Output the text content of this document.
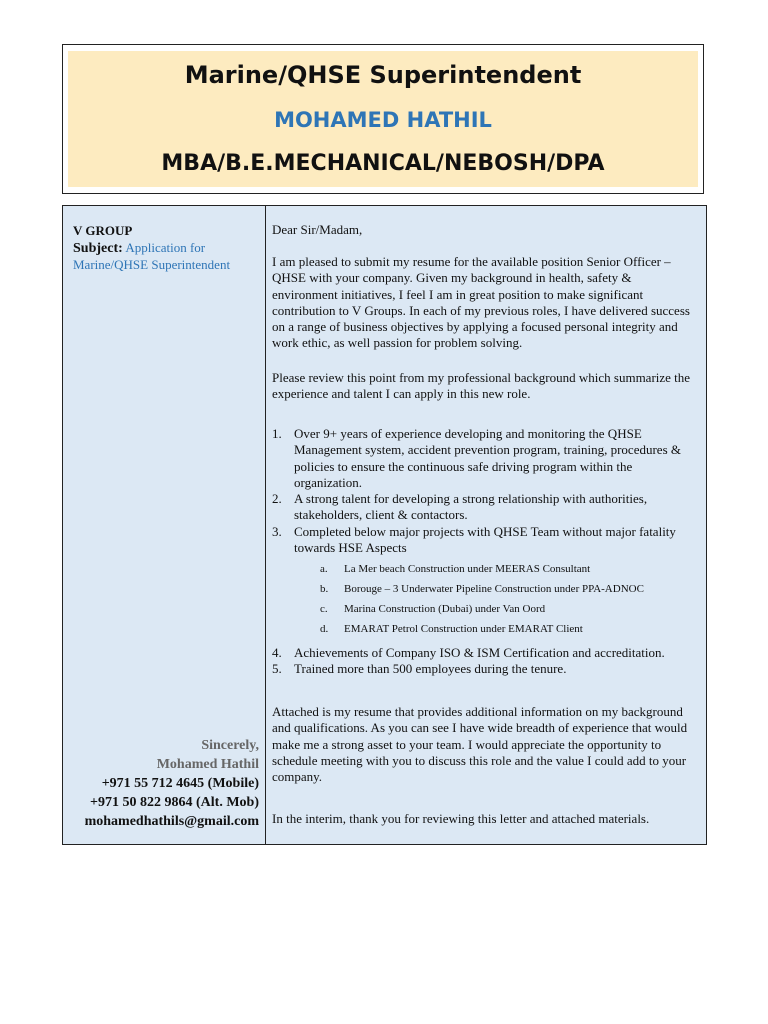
Marine/QHSE Superintendent
MOHAMED HATHIL
MBA/B.E.MECHANICAL/NEBOSH/DPA
V GROUP
Subject: Application for Marine/QHSE Superintendent
Sincerely,
Mohamed Hathil
+971 55 712 4645 (Mobile)
+971 50 822 9864 (Alt. Mob)
mohamedhathils@gmail.com

Dear Sir/Madam,

I am pleased to submit my resume for the available position Senior Officer – QHSE with your company. Given my background in health, safety & environment initiatives, I feel I am in great position to make significant contribution to V Groups. In each of my previous roles, I have delivered success on a range of business objectives by applying a focused personal integrity and work ethic, as well passion for problem solving.

Please review this point from my professional background which summarize the experience and talent I can apply in this new role.

1. Over 9+ years of experience developing and monitoring the QHSE Management system, accident prevention program, training, procedures & policies to ensure the continuous safe driving program within the organization.
2. A strong talent for developing a strong relationship with authorities, stakeholders, client & contactors.
3. Completed below major projects with QHSE Team without major fatality towards HSE Aspects
a. La Mer beach Construction under MEERAS Consultant
b. Borouge – 3 Underwater Pipeline Construction under PPA-ADNOC
c. Marina Construction (Dubai) under Van Oord
d. EMARAT Petrol Construction under EMARAT Client
4. Achievements of Company ISO & ISM Certification and accreditation.
5. Trained more than 500 employees during the tenure.

Attached is my resume that provides additional information on my background and qualifications. As you can see I have wide breadth of experience that would make me a strong asset to your team. I would appreciate the opportunity to schedule meeting with you to discuss this role and the value I could add to your company.

In the interim, thank you for reviewing this letter and attached materials.
